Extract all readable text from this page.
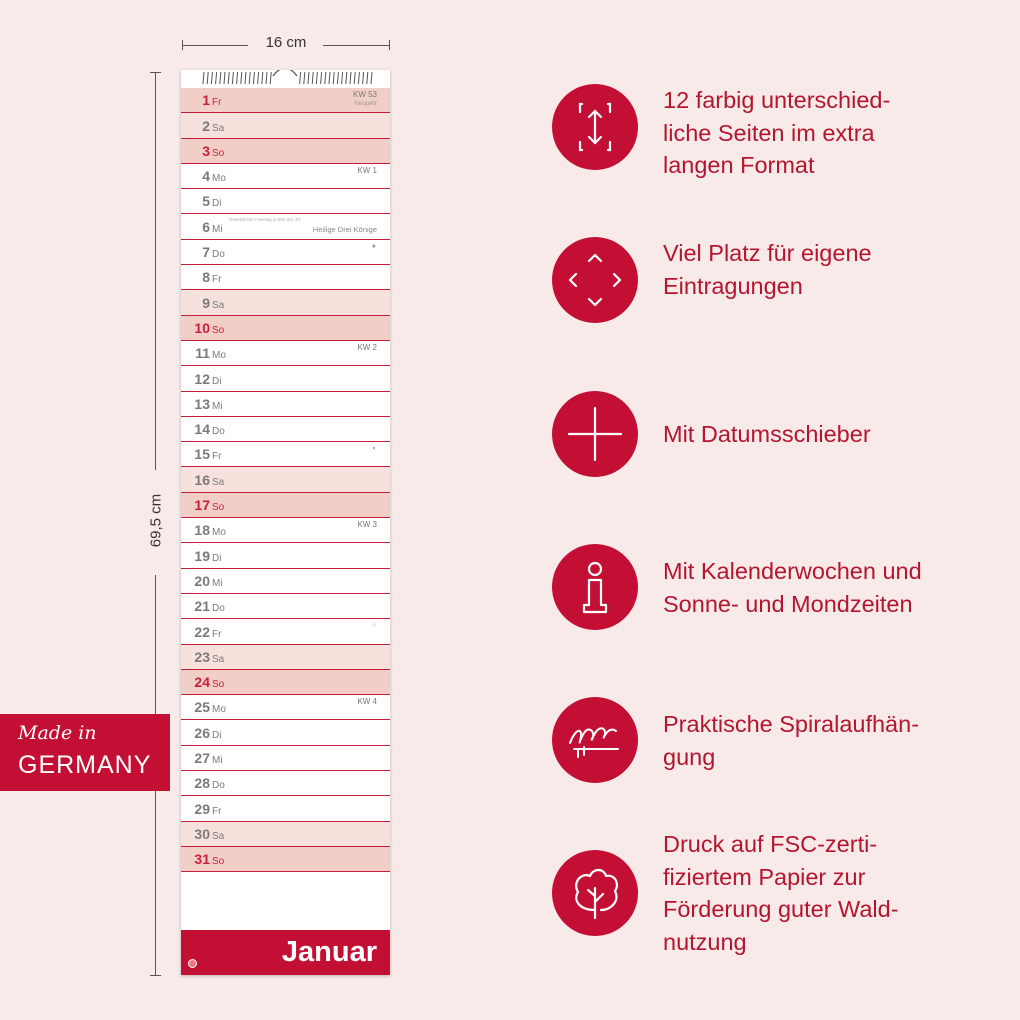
16 cm
69,5 cm
1 Fr
KW 53
Neujahr
2 Sa
3 So
4 Mo
KW 1
5 Di
6 Mi	Heilige Drei Könige
Gesetzlicher Feiertag in BW, BY, ST
7 Do
●
8 Fr
9 Sa
10 So
11 Mo
KW 2
12 Di
13 Mi
14 Do
15 Fr
◗
16 Sa
17 So
18 Mo
KW 3
19 Di
20 Mi
21 Do
22 Fr
○
23 Sa
24 So
25 Mo
KW 4
26 Di
27 Mi
28 Do
29 Fr
30 Sa
31 So
Januar
Made in
GERMANY
12 farbig unterschied-
liche Seiten im extra
langen Format
Viel Platz für eigene
Eintragungen
Mit Datumsschieber
Mit Kalenderwochen und
Sonne- und Mondzeiten
Praktische Spiralaufhän-
gung
Druck auf FSC-zerti-
fiziertem Papier zur
Förderung guter Wald-
nutzung
